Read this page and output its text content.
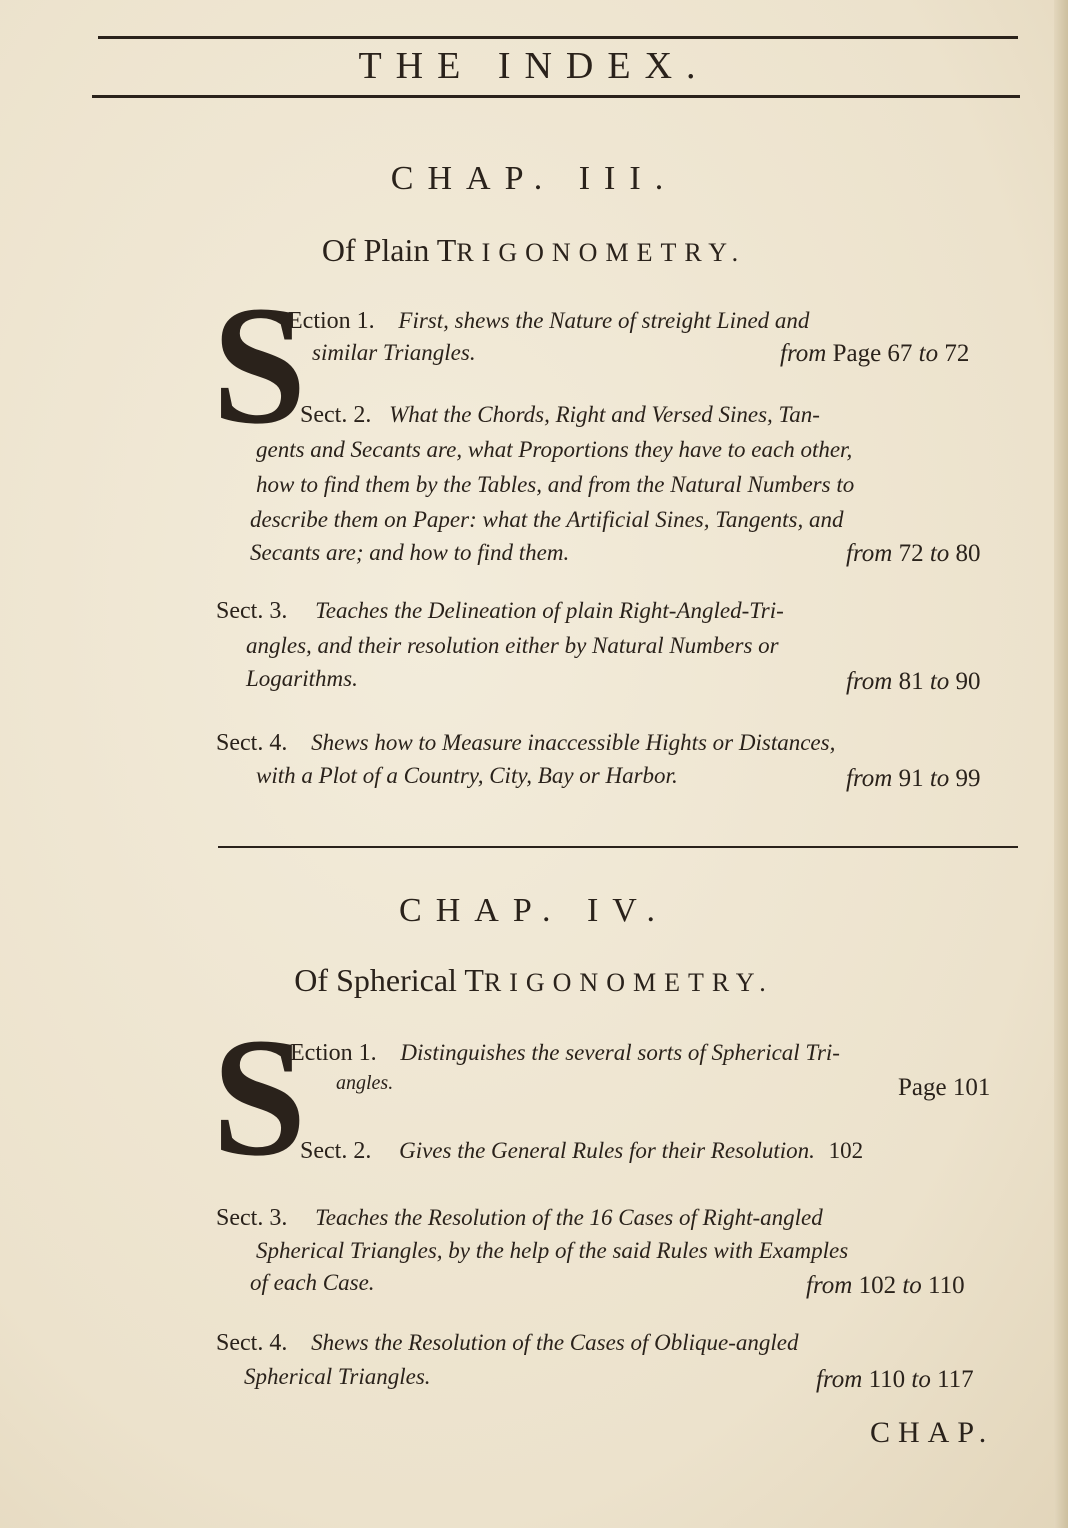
THE INDEX.
CHAP. III.
Of Plain TRIGONOMETRY.
S
Ection 1. First, shews the Nature of streight Lined and
similar Triangles.	from Page 67 to 72
Sect. 2. What the Chords, Right and Versed Sines, Tan-
gents and Secants are, what Proportions they have to each other,
how to find them by the Tables, and from the Natural Numbers to
describe them on Paper: what the Artificial Sines, Tangents, and
Secants are; and how to find them.	from 72 to 80
Sect. 3. Teaches the Delineation of plain Right-Angled-Tri-
angles, and their resolution either by Natural Numbers or
Logarithms.	from 81 to 90
Sect. 4. Shews how to Measure inaccessible Hights or Distances,
with a Plot of a Country, City, Bay or Harbor.	from 91 to 99
CHAP. IV.
Of Spherical TRIGONOMETRY.
S
Ection 1. Distinguishes the several sorts of Spherical Tri-
angles.	Page 101
Sect. 2. Gives the General Rules for their Resolution. 102
Sect. 3. Teaches the Resolution of the 16 Cases of Right-angled
Spherical Triangles, by the help of the said Rules with Examples
of each Case.	from 102 to 110
Sect. 4. Shews the Resolution of the Cases of Oblique-angled
Spherical Triangles.	from 110 to 117
CHAP.
